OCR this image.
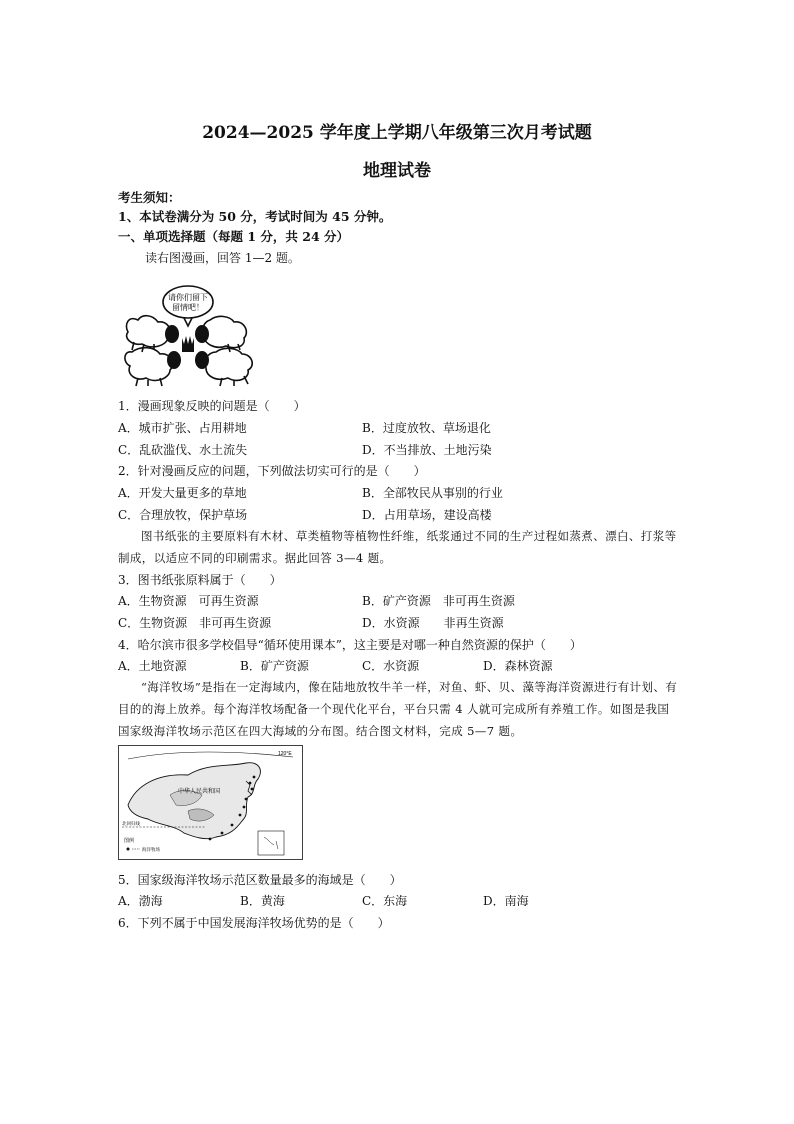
2024—2025 学年度上学期八年级第三次月考试题
地理试卷
考生须知：
1、本试卷满分为 50 分，考试时间为 45 分钟。
一、单项选择题（每题 1 分，共 24 分）
读右图漫画，回答 1—2 题。
请你们留下
留情吧！
1．漫画现象反映的问题是（　　）
A．城市扩张、占用耕地	B．过度放牧、草场退化
C．乱砍滥伐、水土流失	D．不当排放、土地污染
2．针对漫画反应的问题，下列做法切实可行的是（　　）
A．开发大量更多的草地	B．全部牧民从事别的行业
C．合理放牧，保护草场	D．占用草场，建设高楼

图书纸张的主要原料有木材、草类植物等植物性纤维，纸浆通过不同的生产过程如蒸煮、漂白、打浆等制成，以适应不同的印刷需求。据此回答 3—4 题。

3．图书纸张原料属于（　　）
A．生物资源　可再生资源	B．矿产资源　非可再生资源
C．生物资源　非可再生资源	D．水资源　　非再生资源
4．哈尔滨市很多学校倡导“循环使用课本”，这主要是对哪一种自然资源的保护（　　）
A．土地资源	B．矿产资源	C．水资源	D．森林资源

“海洋牧场”是指在一定海域内，像在陆地放牧牛羊一样，对鱼、虾、贝、藻等海洋资源进行有计划、有目的的海上放养。每个海洋牧场配备一个现代化平台，平台只需 4 人就可完成所有养殖工作。如图是我国国家级海洋牧场示范区在四大海域的分布图。结合图文材料，完成 5—7 题。

120°E
中华人民共和国
北回归线
图例
海洋牧场
5．国家级海洋牧场示范区数量最多的海域是（　　）
A．渤海	B．黄海	C．东海	D．南海
6．下列不属于中国发展海洋牧场优势的是（　　）
